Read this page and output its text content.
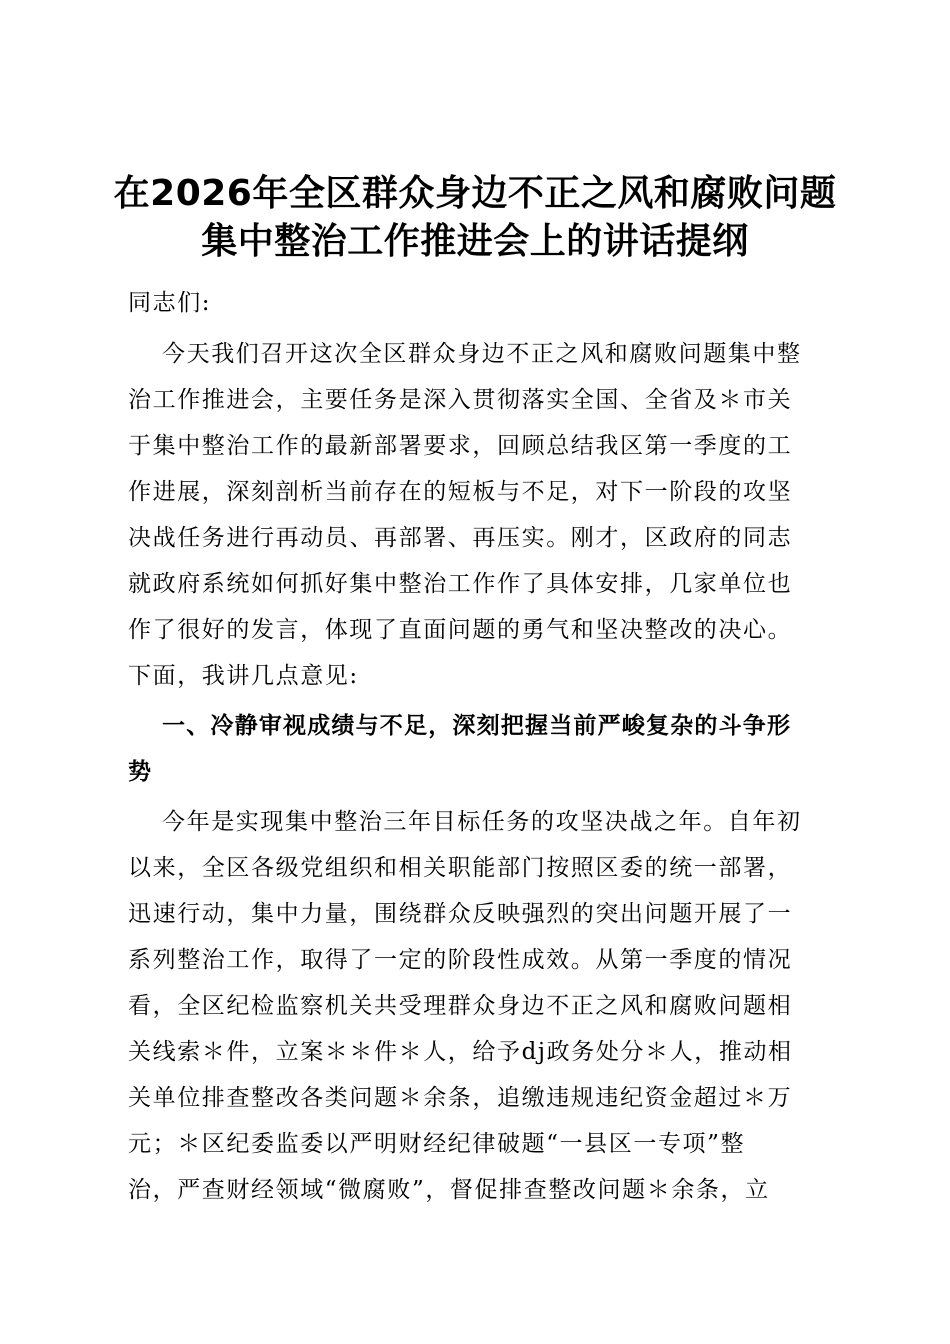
在2026年全区群众身边不正之风和腐败问题
集中整治工作推进会上的讲话提纲
同志们:
今天我们召开这次全区群众身边不正之风和腐败问题集中整
治工作推进会，主要任务是深入贯彻落实全国、全省及＊市关
于集中整治工作的最新部署要求，回顾总结我区第一季度的工
作进展，深刻剖析当前存在的短板与不足，对下一阶段的攻坚
决战任务进行再动员、再部署、再压实。刚才，区政府的同志
就政府系统如何抓好集中整治工作作了具体安排，几家单位也
作了很好的发言，体现了直面问题的勇气和坚决整改的决心。
下面，我讲几点意见:
一、冷静审视成绩与不足，深刻把握当前严峻复杂的斗争形
势
今年是实现集中整治三年目标任务的攻坚决战之年。自年初
以来，全区各级党组织和相关职能部门按照区委的统一部署，
迅速行动，集中力量，围绕群众反映强烈的突出问题开展了一
系列整治工作，取得了一定的阶段性成效。从第一季度的情况
看，全区纪检监察机关共受理群众身边不正之风和腐败问题相
关线索＊件，立案＊＊件＊人，给予dj政务处分＊人，推动相
关单位排查整改各类问题＊余条，追缴违规违纪资金超过＊万
元；＊区纪委监委以严明财经纪律破题“一县区一专项”整
治，严查财经领域“微腐败”，督促排查整改问题＊余条，立
